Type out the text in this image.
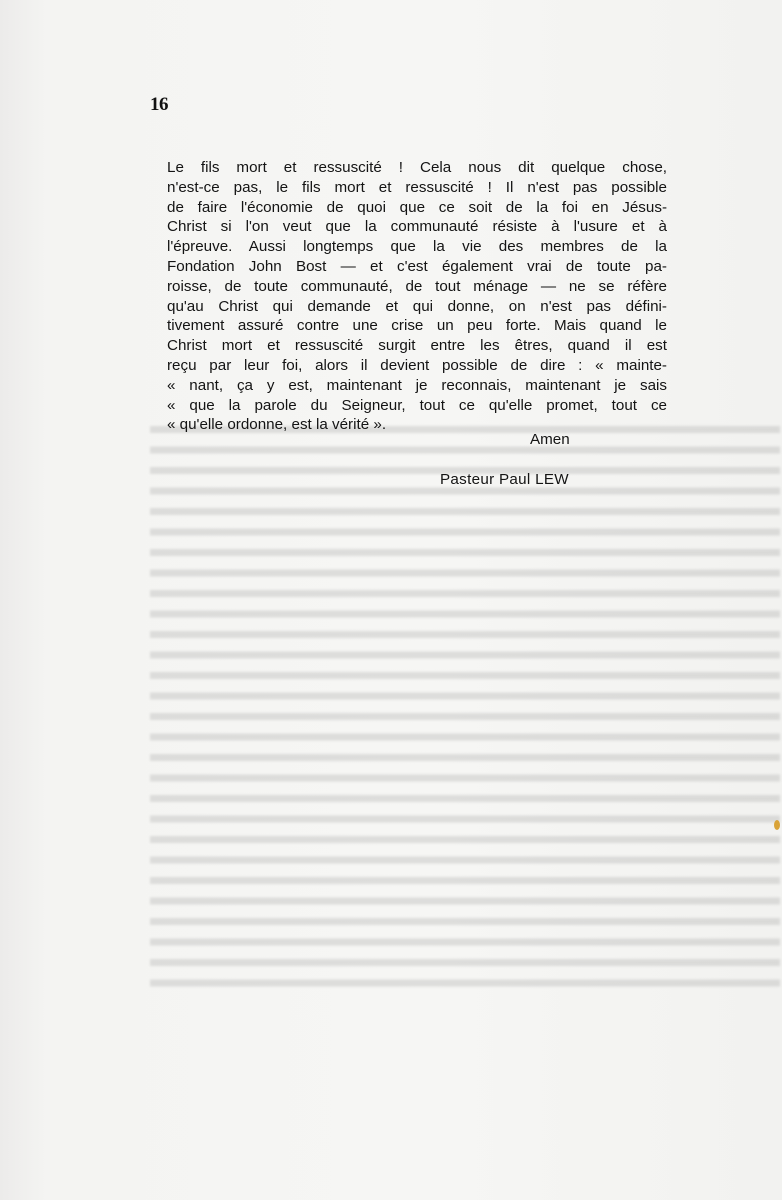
16
Le fils mort et ressuscité ! Cela nous dit quelque chose,
n'est-ce pas, le fils mort et ressuscité ! Il n'est pas possible
de faire l'économie de quoi que ce soit de la foi en Jésus-
Christ si l'on veut que la communauté résiste à l'usure et à
l'épreuve. Aussi longtemps que la vie des membres de la
Fondation John Bost — et c'est également vrai de toute pa-
roisse, de toute communauté, de tout ménage — ne se réfère
qu'au Christ qui demande et qui donne, on n'est pas défini-
tivement assuré contre une crise un peu forte. Mais quand le
Christ mort et ressuscité surgit entre les êtres, quand il est
reçu par leur foi, alors il devient possible de dire : « mainte-
« nant, ça y est, maintenant je reconnais, maintenant je sais
« que la parole du Seigneur, tout ce qu'elle promet, tout ce
« qu'elle ordonne, est la vérité ».
Amen
Pasteur Paul LEW
